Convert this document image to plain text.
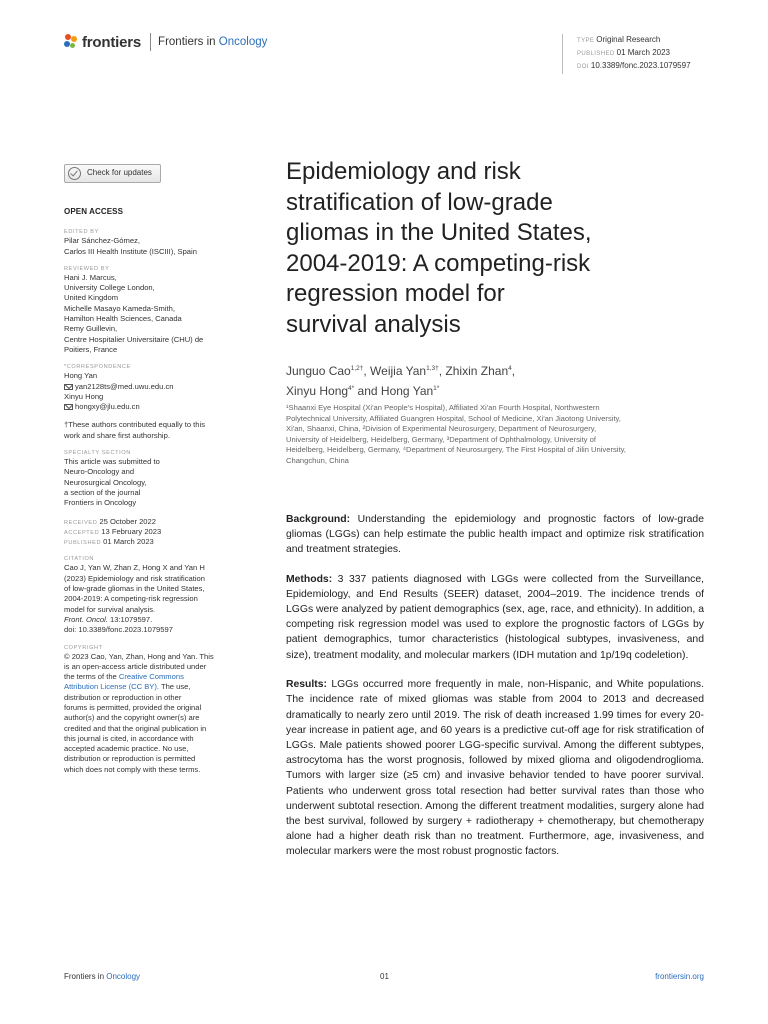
frontiers Frontiers in Oncology	TYPE Original Research
PUBLISHED 01 March 2023
DOI 10.3389/fonc.2023.1079597
Check for updates
OPEN ACCESS
EDITED BY
Pilar Sánchez-Gómez,
Carlos III Health Institute (ISCIII), Spain
REVIEWED BY
Hani J. Marcus,
University College London,
United Kingdom
Michelle Masayo Kameda-Smith,
Hamilton Health Sciences, Canada
Remy Guillevin,
Centre Hospitalier Universitaire (CHU) de
Poitiers, France
*CORRESPONDENCE
Hong Yan
yan2128ts@med.uwu.edu.cn
Xinyu Hong
hongxy@jlu.edu.cn
†These authors contributed equally to this
work and share first authorship.
SPECIALTY SECTION
This article was submitted to
Neuro-Oncology and
Neurosurgical Oncology,
a section of the journal
Frontiers in Oncology
RECEIVED 25 October 2022
ACCEPTED 13 February 2023
PUBLISHED 01 March 2023
CITATION
Cao J, Yan W, Zhan Z, Hong X and Yan H
(2023) Epidemiology and risk stratification
of low-grade gliomas in the United States,
2004-2019: A competing-risk regression
model for survival analysis.
Front. Oncol. 13:1079597.
doi: 10.3389/fonc.2023.1079597
COPYRIGHT
© 2023 Cao, Yan, Zhan, Hong and Yan. This
is an open-access article distributed under
the terms of the Creative Commons
Attribution License (CC BY). The use,
distribution or reproduction in other
forums is permitted, provided the original
author(s) and the copyright owner(s) are
credited and that the original publication in
this journal is cited, in accordance with
accepted academic practice. No use,
distribution or reproduction is permitted
which does not comply with these terms.
Epidemiology and risk
stratification of low-grade
gliomas in the United States,
2004-2019: A competing-risk
regression model for
survival analysis
Junguo Cao$^{1,2\dagger}$, Weijia Yan$^{1,3\dagger}$, Zhixin Zhan$^4$,
Xinyu Hong$^{4*}$ and Hong Yan$^{1*}$
¹Shaanxi Eye Hospital (Xi'an People's Hospital), Affiliated Xi'an Fourth Hospital, Northwestern
Polytechnical University, Affiliated Guangren Hospital, School of Medicine, Xi'an Jiaotong University,
Xi'an, Shaanxi, China, ²Division of Experimental Neurosurgery, Department of Neurosurgery,
University of Heidelberg, Heidelberg, Germany, ³Department of Ophthalmology, University of
Heidelberg, Heidelberg, Germany, ⁴Department of Neurosurgery, The First Hospital of Jilin University,
Changchun, China

Background: Understanding the epidemiology and prognostic factors of low-grade gliomas (LGGs) can help estimate the public health impact and optimize risk stratification and treatment strategies.

Methods: 3 337 patients diagnosed with LGGs were collected from the Surveillance, Epidemiology, and End Results (SEER) dataset, 2004–2019. The incidence trends of LGGs were analyzed by patient demographics (sex, age, race, and ethnicity). In addition, a competing risk regression model was used to explore the prognostic factors of LGGs by patient demographics, tumor characteristics (histological subtypes, invasiveness, and size), treatment modality, and molecular markers (IDH mutation and 1p/19q codeletion).

Results: LGGs occurred more frequently in male, non-Hispanic, and White populations. The incidence rate of mixed gliomas was stable from 2004 to 2013 and decreased dramatically to nearly zero until 2019. The risk of death increased 1.99 times for every 20-year increase in patient age, and 60 years is a predictive cut-off age for risk stratification of LGGs. Male patients showed poorer LGG-specific survival. Among the different subtypes, astrocytoma has the worst prognosis, followed by mixed glioma and oligodendroglioma. Tumors with larger size (≥5 cm) and invasive behavior tended to have poorer survival. Patients who underwent gross total resection had better survival rates than those who underwent subtotal resection. Among the different treatment modalities, surgery alone had the best survival, followed by surgery + radiotherapy + chemotherapy, but chemotherapy alone had a higher death risk than no treatment. Furthermore, age, invasiveness, and molecular markers were the most robust prognostic factors.

Frontiers in Oncology	01	frontiersin.org
